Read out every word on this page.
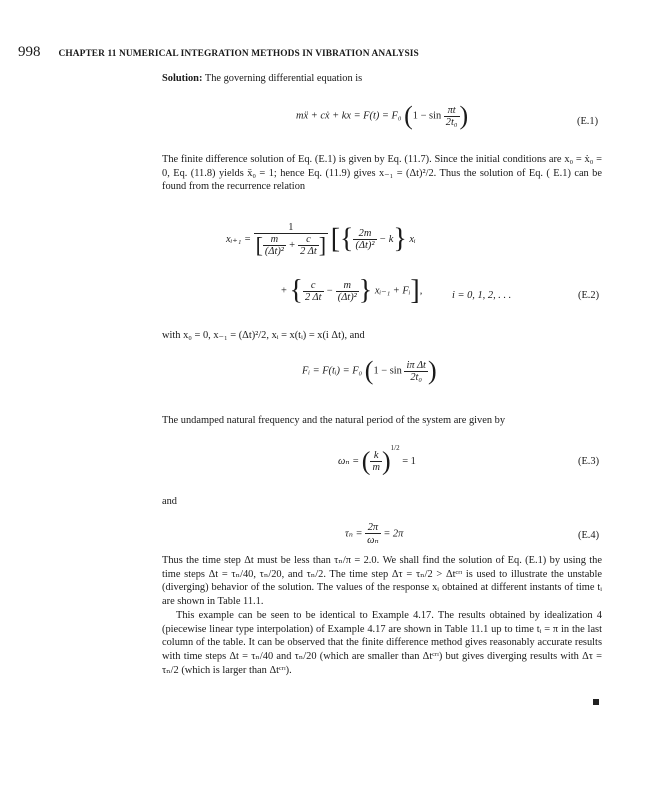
998 CHAPTER 11 NUMERICAL INTEGRATION METHODS IN VIBRATION ANALYSIS
Solution: The governing differential equation is
mẍ + cẋ + kx = F(t) = F₀ ($1 - \sin \frac{\pi t}{\text{2t₀}}$ )	(E.1)
The finite difference solution of Eq. (E.1) is given by Eq. (11.7). Since the initial conditions are x₀ = ẋ₀ = 0, Eq. (11.8) yields ẍ₀ = 1; hence Eq. (11.9) gives x₋₁ = (Δt)²/2. Thus the solution of Eq. ( E.1) can be found from the recurrence relation
xᵢ₊₁ = $\frac{1}{[ \frac{m}{\text{(Δt)²}} + \frac{c}{2 \Delta t} ]}$ [{ $\frac{2m}{\text{(Δt)²}} - k$} xᵢ
+ { $\frac{c}{2 \Delta t} - \frac{m}{\text{(Δt)²}}$ } xᵢ₋₁ + Fᵢ],	i = 0, 1, 2, . . .	(E.2)
with x₀ = 0, x₋₁ = (Δt)²/2, xᵢ = x(tᵢ) = x(i Δt), and
Fᵢ = F(tᵢ) = F₀ ($1 - \sin \frac{\text{iπ Δt}}{\text{2t₀}}$ )
The undamped natural frequency and the natural period of the system are given by
ωₙ = ( $\frac{k}{m} )^{1/2} = 1$	(E.3)
and
$\tau_n = \frac{2\pi}{\text{ωₙ}} = 2\pi$	(E.4)
Thus the time step Δt must be less than τₙ/π = 2.0. We shall find the solution of Eq. (E.1) by using the time steps Δt = τₙ/40, τₙ/20, and τₙ/2. The time step Δτ = τₙ/2 > Δtᶜʳᶦ is used to illustrate the unstable (diverging) behavior of the solution. The values of the response xᵢ obtained at different instants of time tᵢ are shown in Table 11.1.
This example can be seen to be identical to Example 4.17. The results obtained by idealization 4 (piecewise linear type interpolation) of Example 4.17 are shown in Table 11.1 up to time tᵢ = π in the last column of the table. It can be observed that the finite difference method gives reasonably accurate results with time steps Δt = τₙ/40 and τₙ/20 (which are smaller than Δtᶜʳᶦ) but gives diverging results with Δτ = τₙ/2 (which is larger than Δtᶜʳᶦ).
